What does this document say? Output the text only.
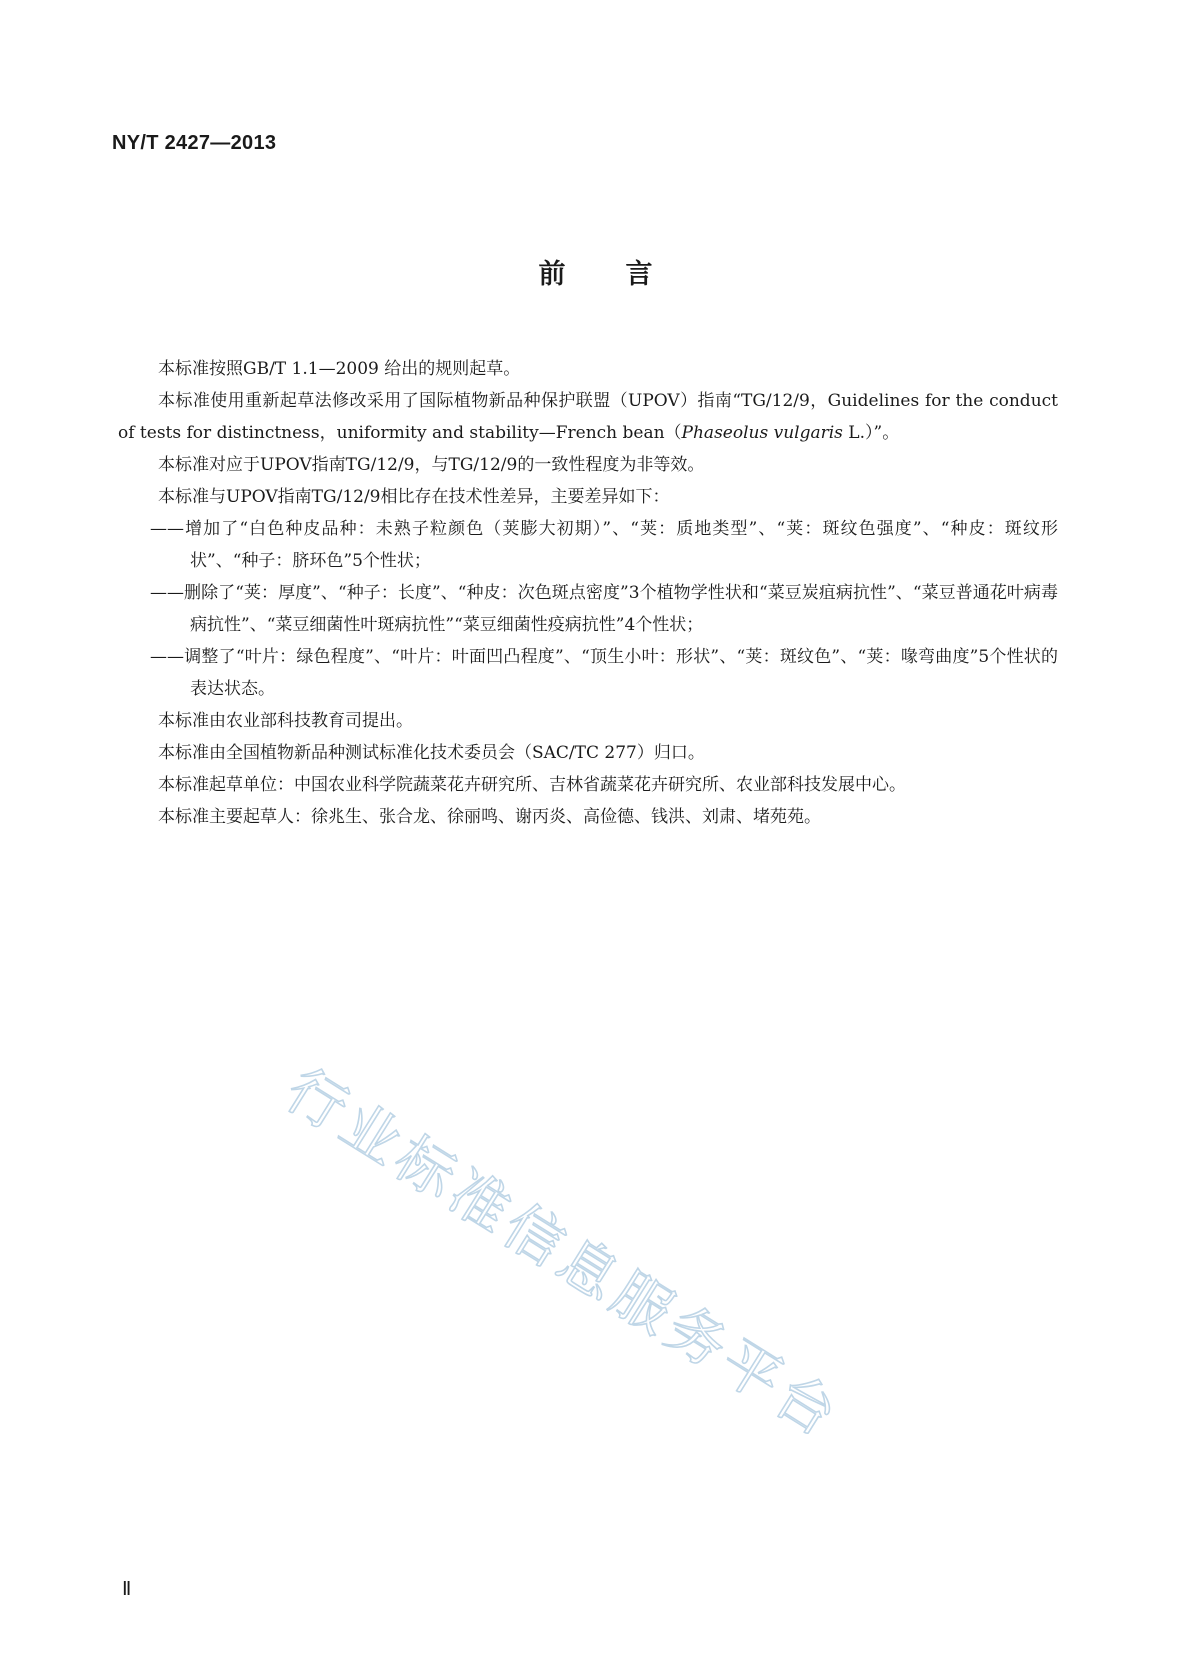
NY/T 2427—2013
前言

本标准按照GB/T 1.1—2009 给出的规则起草。

本标准使用重新起草法修改采用了国际植物新品种保护联盟（UPOV）指南“TG/12/9，Guidelines for the conduct of tests for distinctness，uniformity and stability—French bean（Phaseolus vulgaris L.）”。

本标准对应于UPOV指南TG/12/9，与TG/12/9的一致性程度为非等效。

本标准与UPOV指南TG/12/9相比存在技术性差异，主要差异如下：

——增加了“白色种皮品种：未熟子粒颜色（荚膨大初期）”、“荚：质地类型”、“荚：斑纹色强度”、“种皮：斑纹形状”、“种子：脐环色”5个性状；

——删除了“荚：厚度”、“种子：长度”、“种皮：次色斑点密度”3个植物学性状和“菜豆炭疽病抗性”、“菜豆普通花叶病毒病抗性”、“菜豆细菌性叶斑病抗性”“菜豆细菌性疫病抗性”4个性状；

——调整了“叶片：绿色程度”、“叶片：叶面凹凸程度”、“顶生小叶：形状”、“荚：斑纹色”、“荚：喙弯曲度”5个性状的表达状态。

本标准由农业部科技教育司提出。

本标准由全国植物新品种测试标准化技术委员会（SAC/TC 277）归口。

本标准起草单位：中国农业科学院蔬菜花卉研究所、吉林省蔬菜花卉研究所、农业部科技发展中心。

本标准主要起草人：徐兆生、张合龙、徐丽鸣、谢丙炎、高俭德、钱洪、刘肃、堵苑苑。

行业标准信息服务平台
Ⅱ
